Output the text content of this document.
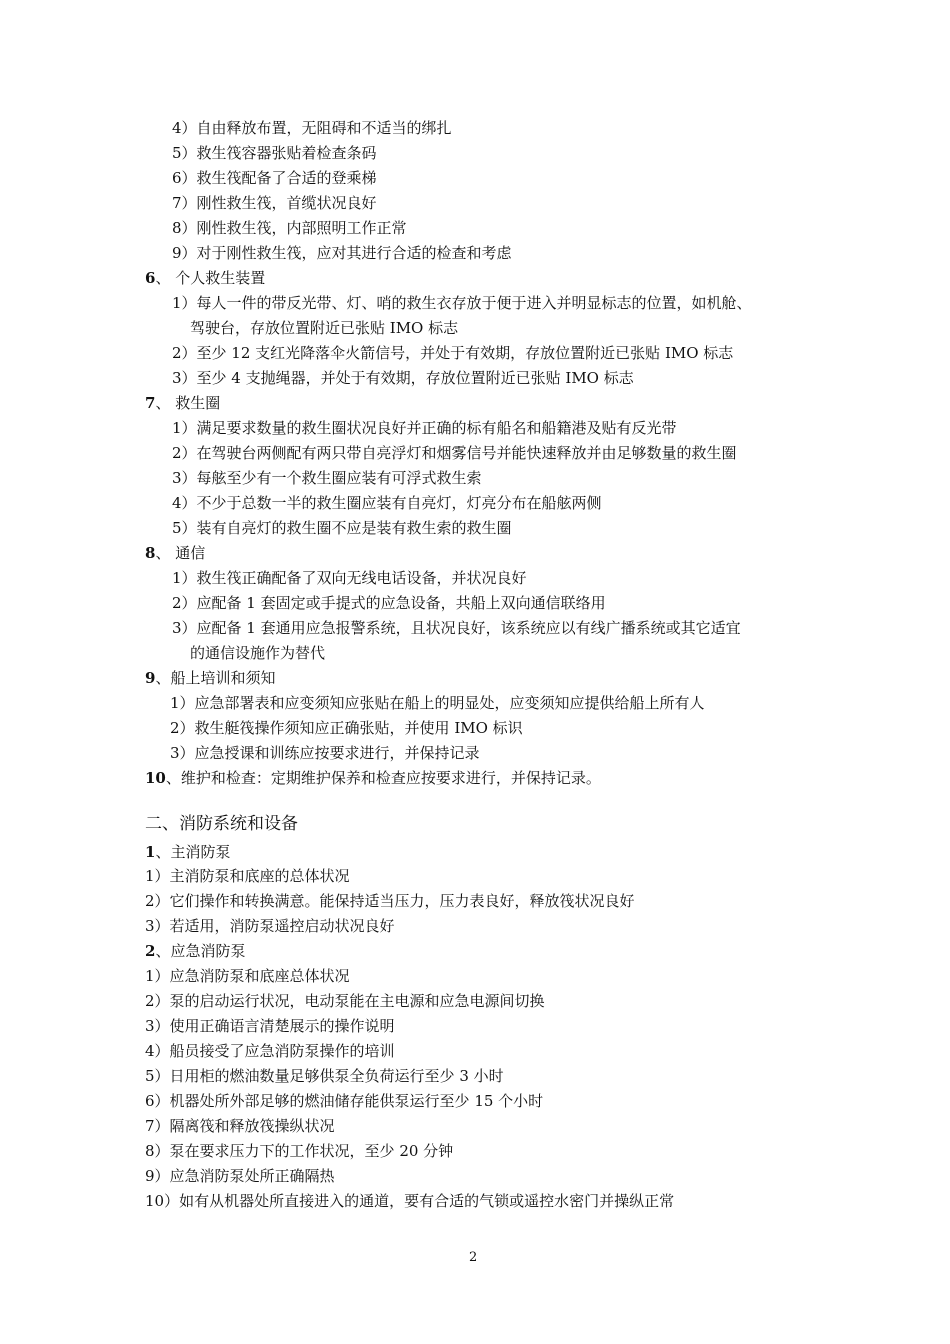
4）自由释放布置，无阻碍和不适当的绑扎
5）救生筏容器张贴着检查条码
6）救生筏配备了合适的登乘梯
7）刚性救生筏，首缆状况良好
8）刚性救生筏，内部照明工作正常
9）对于刚性救生筏，应对其进行合适的检查和考虑
6、 个人救生装置
1）每人一件的带反光带、灯、哨的救生衣存放于便于进入并明显标志的位置，如机舱、
驾驶台，存放位置附近已张贴 IMO 标志
2）至少 12 支红光降落伞火箭信号，并处于有效期，存放位置附近已张贴 IMO 标志
3）至少 4 支抛绳器，并处于有效期，存放位置附近已张贴 IMO 标志
7、 救生圈
1）满足要求数量的救生圈状况良好并正确的标有船名和船籍港及贴有反光带
2）在驾驶台两侧配有两只带自亮浮灯和烟雾信号并能快速释放并由足够数量的救生圈
3）每舷至少有一个救生圈应装有可浮式救生索
4）不少于总数一半的救生圈应装有自亮灯，灯亮分布在船舷两侧
5）装有自亮灯的救生圈不应是装有救生索的救生圈
8、 通信
1）救生筏正确配备了双向无线电话设备，并状况良好
2）应配备 1 套固定或手提式的应急设备，共船上双向通信联络用
3）应配备 1 套通用应急报警系统，且状况良好，该系统应以有线广播系统或其它适宜
的通信设施作为替代
9、船上培训和须知
1）应急部署表和应变须知应张贴在船上的明显处，应变须知应提供给船上所有人
2）救生艇筏操作须知应正确张贴，并使用 IMO 标识
3）应急授课和训练应按要求进行，并保持记录
10、维护和检查：定期维护保养和检查应按要求进行，并保持记录。
二、消防系统和设备
1、主消防泵
1）主消防泵和底座的总体状况
2）它们操作和转换满意。能保持适当压力，压力表良好，释放筏状况良好
3）若适用，消防泵遥控启动状况良好
2、应急消防泵
1）应急消防泵和底座总体状况
2）泵的启动运行状况，电动泵能在主电源和应急电源间切换
3）使用正确语言清楚展示的操作说明
4）船员接受了应急消防泵操作的培训
5）日用柜的燃油数量足够供泵全负荷运行至少 3 小时
6）机器处所外部足够的燃油储存能供泵运行至少 15 个小时
7）隔离筏和释放筏操纵状况
8）泵在要求压力下的工作状况，至少 20 分钟
9）应急消防泵处所正确隔热
10）如有从机器处所直接进入的通道，要有合适的气锁或遥控水密门并操纵正常
2
